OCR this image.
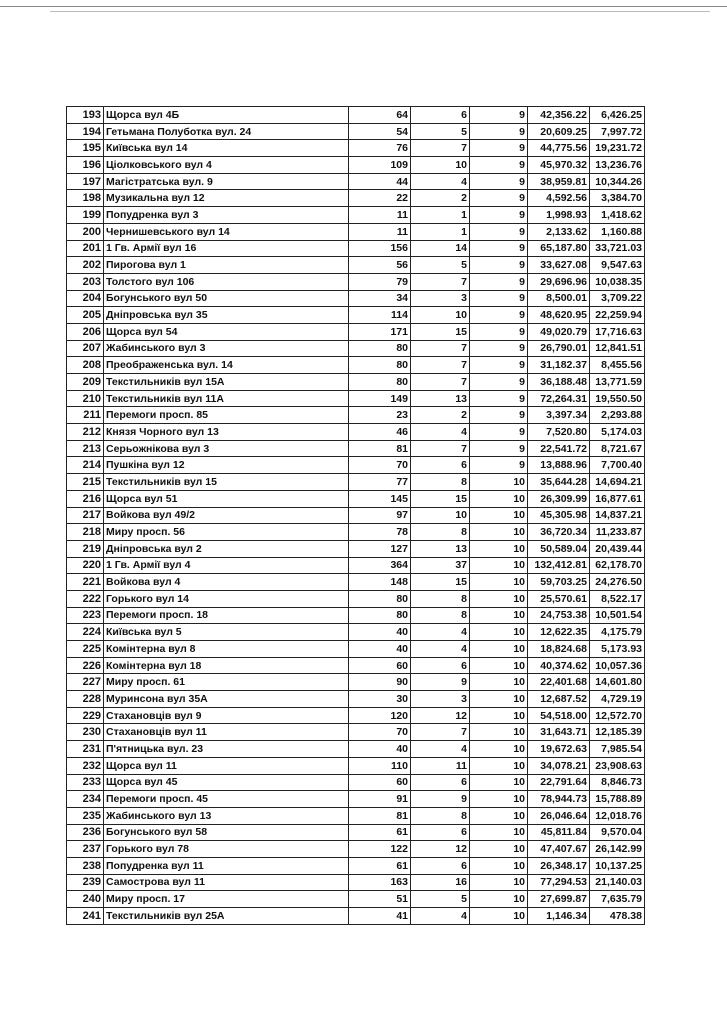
193	Щорса вул 4Б	64	6	9	42,356.22	6,426.25
194	Гетьмана Полуботка вул. 24	54	5	9	20,609.25	7,997.72
195	Київська вул 14	76	7	9	44,775.56	19,231.72
196	Ціолковського вул 4	109	10	9	45,970.32	13,236.76
197	Магістратська вул. 9	44	4	9	38,959.81	10,344.26
198	Музикальна вул 12	22	2	9	4,592.56	3,384.70
199	Попудренка вул 3	11	1	9	1,998.93	1,418.62
200	Чернишевського вул 14	11	1	9	2,133.62	1,160.88
201	1 Гв. Армії вул 16	156	14	9	65,187.80	33,721.03
202	Пирогова вул 1	56	5	9	33,627.08	9,547.63
203	Толстого вул 106	79	7	9	29,696.96	10,038.35
204	Богунського вул 50	34	3	9	8,500.01	3,709.22
205	Дніпровська вул 35	114	10	9	48,620.95	22,259.94
206	Щорса вул 54	171	15	9	49,020.79	17,716.63
207	Жабинського вул 3	80	7	9	26,790.01	12,841.51
208	Преображенська вул. 14	80	7	9	31,182.37	8,455.56
209	Текстильників вул 15А	80	7	9	36,188.48	13,771.59
210	Текстильників вул 11А	149	13	9	72,264.31	19,550.50
211	Перемоги просп. 85	23	2	9	3,397.34	2,293.88
212	Князя Чорного вул 13	46	4	9	7,520.80	5,174.03
213	Серьожнікова вул 3	81	7	9	22,541.72	8,721.67
214	Пушкіна вул 12	70	6	9	13,888.96	7,700.40
215	Текстильників вул 15	77	8	10	35,644.28	14,694.21
216	Щорса вул 51	145	15	10	26,309.99	16,877.61
217	Войкова вул 49/2	97	10	10	45,305.98	14,837.21
218	Миру просп. 56	78	8	10	36,720.34	11,233.87
219	Дніпровська вул 2	127	13	10	50,589.04	20,439.44
220	1 Гв. Армії вул 4	364	37	10	132,412.81	62,178.70
221	Войкова вул 4	148	15	10	59,703.25	24,276.50
222	Горького вул 14	80	8	10	25,570.61	8,522.17
223	Перемоги просп. 18	80	8	10	24,753.38	10,501.54
224	Київська вул 5	40	4	10	12,622.35	4,175.79
225	Комінтерна вул 8	40	4	10	18,824.68	5,173.93
226	Комінтерна вул 18	60	6	10	40,374.62	10,057.36
227	Миру просп. 61	90	9	10	22,401.68	14,601.80
228	Муринсона вул 35А	30	3	10	12,687.52	4,729.19
229	Стахановців вул 9	120	12	10	54,518.00	12,572.70
230	Стахановців вул 11	70	7	10	31,643.71	12,185.39
231	П'ятницька вул. 23	40	4	10	19,672.63	7,985.54
232	Щорса вул 11	110	11	10	34,078.21	23,908.63
233	Щорса вул 45	60	6	10	22,791.64	8,846.73
234	Перемоги просп. 45	91	9	10	78,944.73	15,788.89
235	Жабинського вул 13	81	8	10	26,046.64	12,018.76
236	Богунського вул 58	61	6	10	45,811.84	9,570.04
237	Горького вул 78	122	12	10	47,407.67	26,142.99
238	Попудренка вул 11	61	6	10	26,348.17	10,137.25
239	Самострова вул 11	163	16	10	77,294.53	21,140.03
240	Миру просп. 17	51	5	10	27,699.87	7,635.79
241	Текстильників вул 25А	41	4	10	1,146.34	478.38
